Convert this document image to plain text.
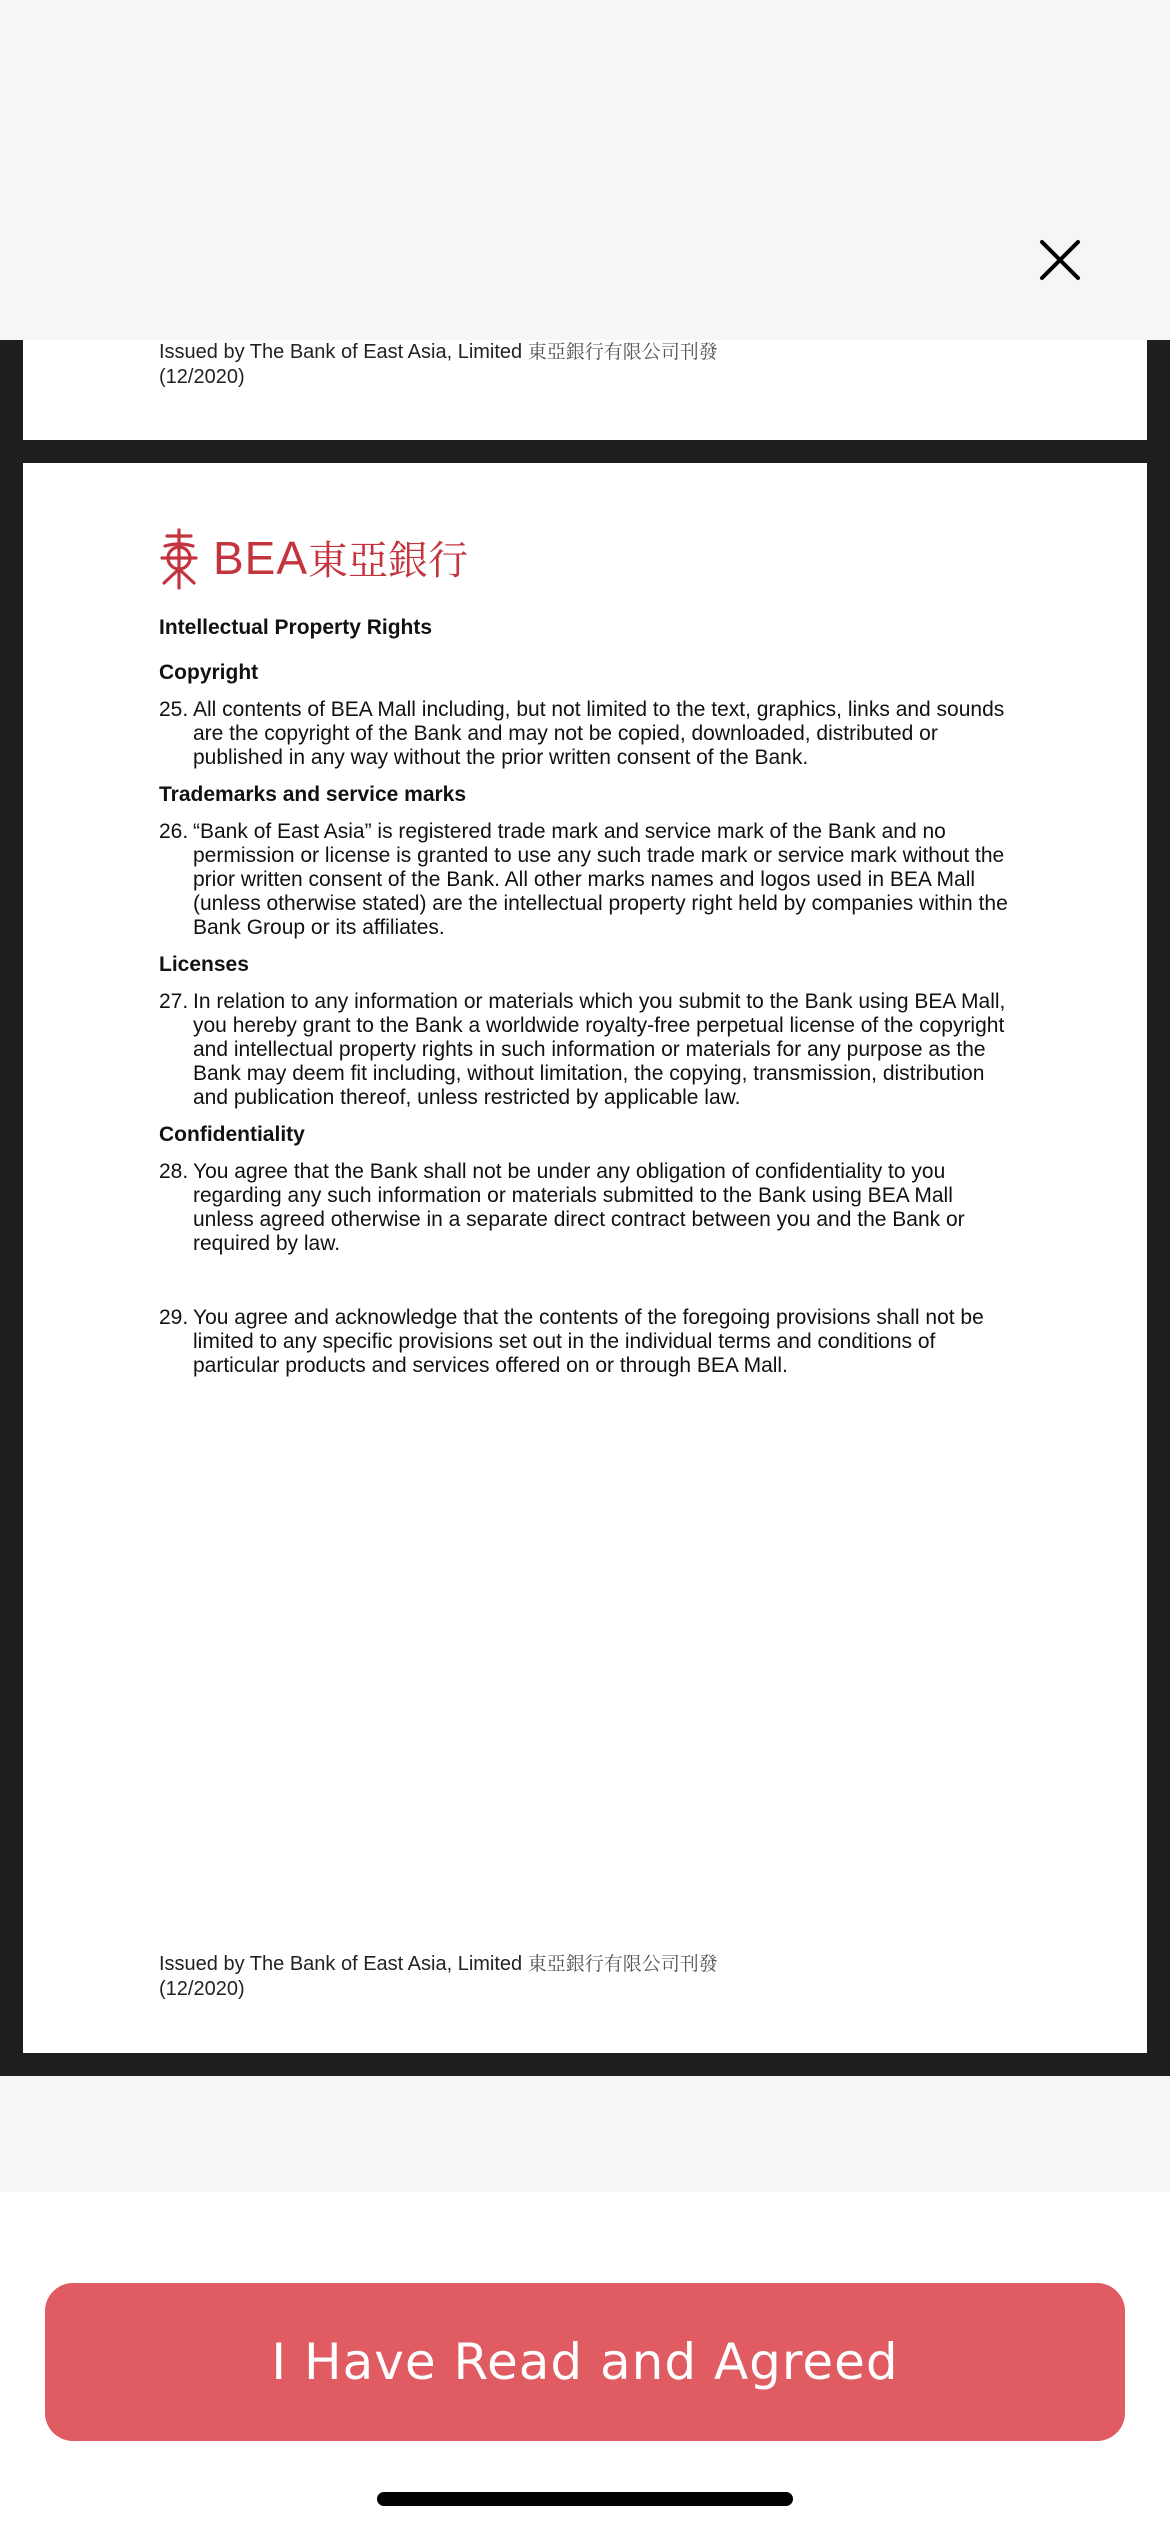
Issued by The Bank of East Asia, Limited 東亞銀行有限公司刊發
(12/2020)
BEA東亞銀行

Intellectual Property Rights

Copyright

25. All contents of BEA Mall including, but not limited to the text, graphics, links and sounds
are the copyright of the Bank and may not be copied, downloaded, distributed or
published in any way without the prior written consent of the Bank.

Trademarks and service marks

26. “Bank of East Asia” is registered trade mark and service mark of the Bank and no
permission or license is granted to use any such trade mark or service mark without the
prior written consent of the Bank. All other marks names and logos used in BEA Mall
(unless otherwise stated) are the intellectual property right held by companies within the
Bank Group or its affiliates.

Licenses

27. In relation to any information or materials which you submit to the Bank using BEA Mall,
you hereby grant to the Bank a worldwide royalty-free perpetual license of the copyright
and intellectual property rights in such information or materials for any purpose as the
Bank may deem fit including, without limitation, the copying, transmission, distribution
and publication thereof, unless restricted by applicable law.

Confidentiality

28. You agree that the Bank shall not be under any obligation of confidentiality to you
regarding any such information or materials submitted to the Bank using BEA Mall
unless agreed otherwise in a separate direct contract between you and the Bank or
required by law.
29. You agree and acknowledge that the contents of the foregoing provisions shall not be
limited to any specific provisions set out in the individual terms and conditions of
particular products and services offered on or through BEA Mall.
Issued by The Bank of East Asia, Limited 東亞銀行有限公司刊發
(12/2020)
I Have Read and Agreed
